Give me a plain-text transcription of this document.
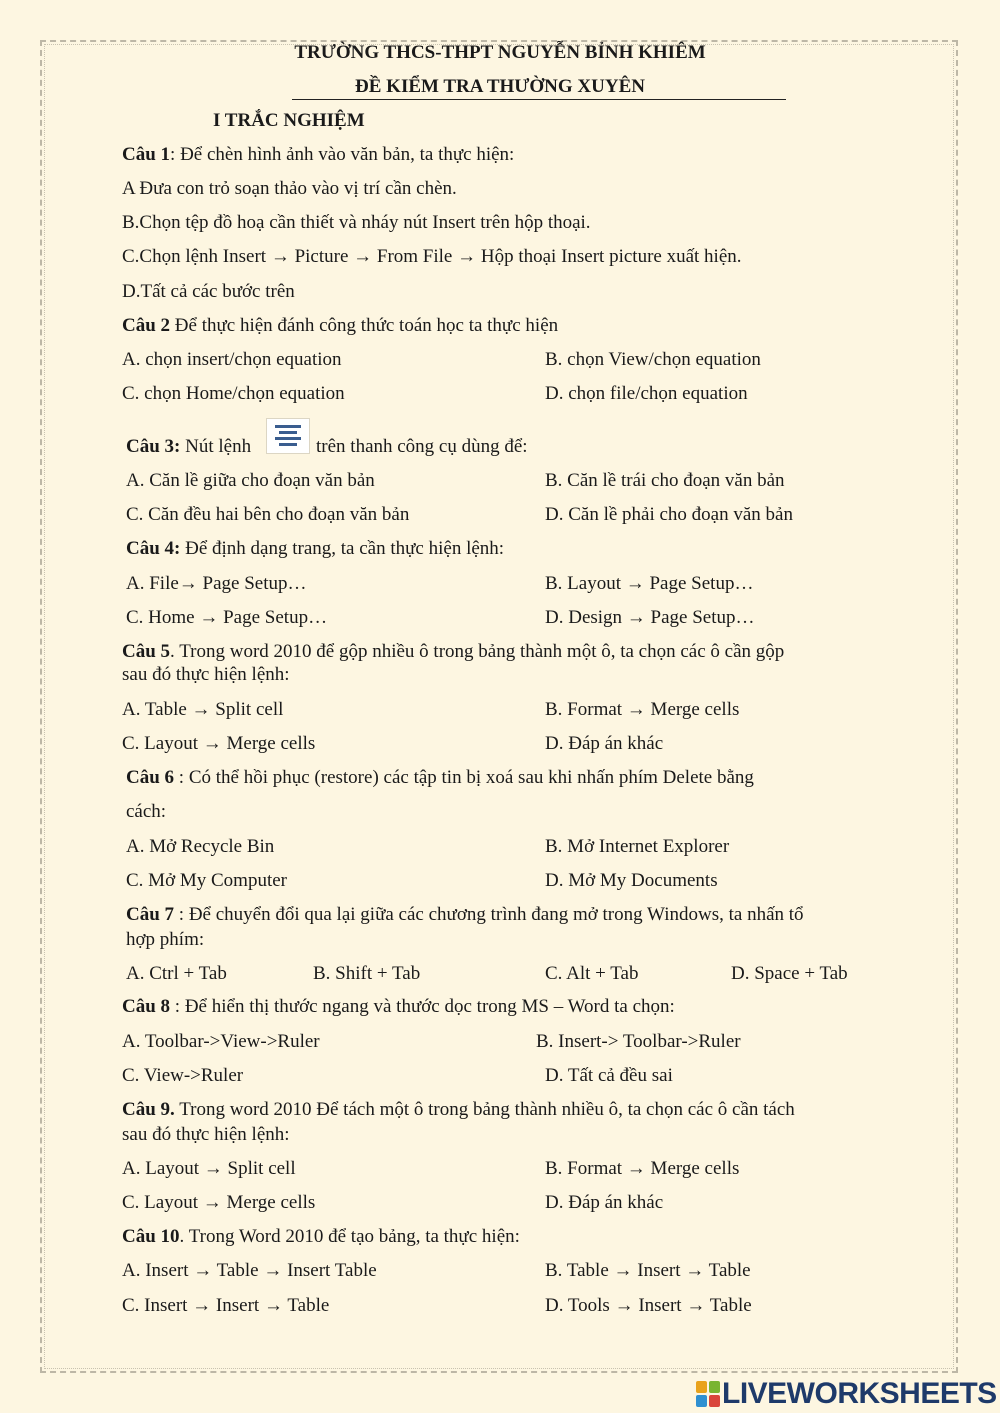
TRƯỜNG THCS-THPT NGUYỄN BỈNH KHIÊM
ĐỀ KIỂM TRA THƯỜNG XUYÊN
I TRẮC NGHIỆM
Câu 1: Để chèn hình ảnh vào văn bản, ta thực hiện:
A Đưa con trỏ soạn thảo vào vị trí cần chèn.
B.Chọn tệp đồ hoạ cần thiết và nháy nút Insert trên hộp thoại.
C.Chọn lệnh Insert → Picture → From File → Hộp thoại Insert picture xuất hiện.
D.Tất cả các bước trên
Câu 2 Để thực hiện đánh công thức toán học ta thực hiện
A. chọn insert/chọn equation	B. chọn View/chọn equation
C. chọn Home/chọn equation	D. chọn file/chọn equation
Câu 3: Nút lệnh	trên thanh công cụ dùng để:
A. Căn lề giữa cho đoạn văn bản	B. Căn lề trái cho đoạn văn bản
C. Căn đều hai bên cho đoạn văn bản	D. Căn lề phải cho đoạn văn bản
Câu 4: Để định dạng trang, ta cần thực hiện lệnh:
A. File→ Page Setup…	B. Layout → Page Setup…
C. Home → Page Setup…	D. Design → Page Setup…
Câu 5. Trong word 2010 để gộp nhiều ô trong bảng thành một ô, ta chọn các ô cần gộp
sau đó thực hiện lệnh:
A. Table → Split cell	B. Format → Merge cells
C. Layout → Merge cells	D. Đáp án khác
Câu 6 : Có thể hồi phục (restore) các tập tin bị xoá sau khi nhấn phím Delete bằng
cách:
A. Mở Recycle Bin	B. Mở Internet Explorer
C. Mở My Computer	D. Mở My Documents
Câu 7 : Để chuyển đổi qua lại giữa các chương trình đang mở trong Windows, ta nhấn tổ
hợp phím:
A. Ctrl + Tab	B. Shift + Tab	C. Alt + Tab	D. Space + Tab
Câu 8 : Để hiển thị thước ngang và thước dọc trong MS – Word ta chọn:
A. Toolbar->View->Ruler	B. Insert-> Toolbar->Ruler
C. View->Ruler	D. Tất cả đều sai
Câu 9. Trong word 2010 Để tách một ô trong bảng thành nhiều ô, ta chọn các ô cần tách
sau đó thực hiện lệnh:
A. Layout → Split cell	B. Format → Merge cells
C. Layout → Merge cells	D. Đáp án khác
Câu 10. Trong Word 2010 để tạo bảng, ta thực hiện:
A. Insert → Table → Insert Table	B. Table → Insert → Table
C. Insert → Insert → Table	D. Tools → Insert → Table
LIVEWORKSHEETS
